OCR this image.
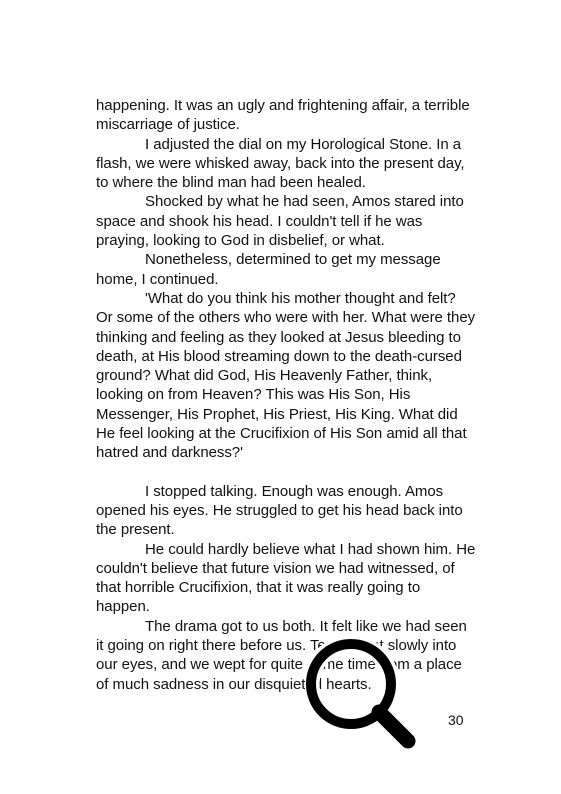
happening. It was an ugly and frightening affair, a terrible miscarriage of justice.

I adjusted the dial on my Horological Stone. In a flash, we were whisked away, back into the present day, to where the blind man had been healed.

Shocked by what he had seen, Amos stared into space and shook his head. I couldn't tell if he was praying, looking to God in disbelief, or what.

Nonetheless, determined to get my message home, I continued.

'What do you think his mother thought and felt? Or some of the others who were with her. What were they thinking and feeling as they looked at Jesus bleeding to death, at His blood streaming down to the death-cursed ground? What did God, His Heavenly Father, think, looking on from Heaven? This was His Son, His Messenger, His Prophet, His Priest, His King. What did He feel looking at the Crucifixion of His Son amid all that hatred and darkness?'

I stopped talking. Enough was enough. Amos opened his eyes. He struggled to get his head back into the present.

He could hardly believe what I had shown him. He couldn't believe that future vision we had witnessed, of that horrible Crucifixion, that it was really going to happen.

The drama got to us both. It felt like we had seen it going on right there before us. Tears crept slowly into our eyes, and we wept for quite some time from a place of much sadness in our disquieted hearts.

30
